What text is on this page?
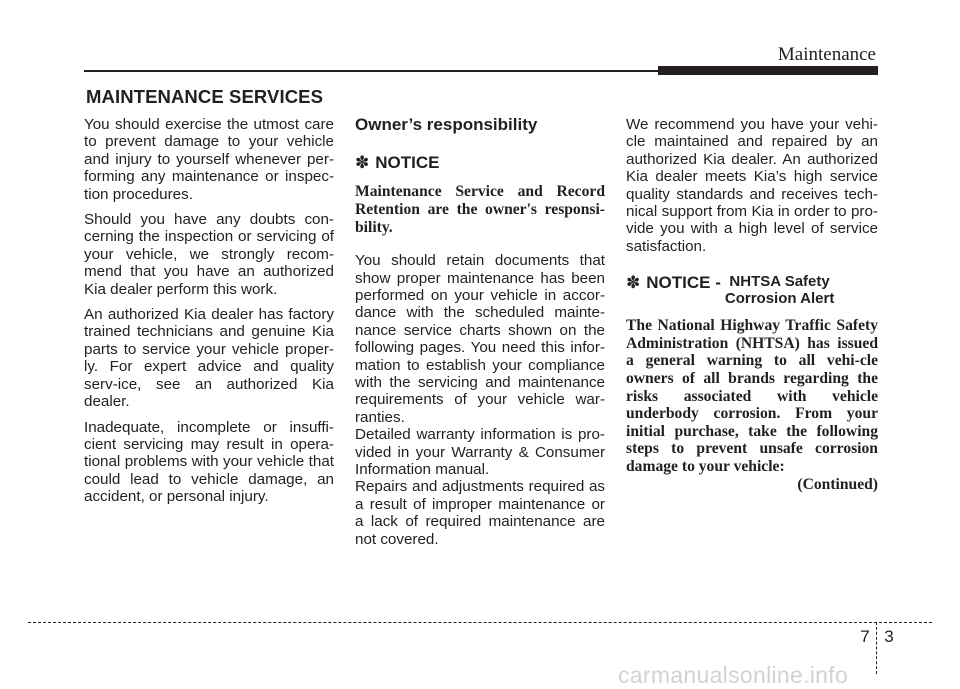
Maintenance
MAINTENANCE SERVICES

You should exercise the utmost care to prevent damage to your vehicle and injury to yourself whenever per-forming any maintenance or inspec-tion procedures.

Should you have any doubts con-cerning the inspection or servicing of your vehicle, we strongly recom-mend that you have an authorized Kia dealer perform this work.

An authorized Kia dealer has factory trained technicians and genuine Kia parts to service your vehicle proper-ly. For expert advice and quality serv-ice, see an authorized Kia dealer.

Inadequate, incomplete or insuffi-cient servicing may result in opera-tional problems with your vehicle that could lead to vehicle damage, an accident, or personal injury.

Owner’s responsibility
✽ NOTICE
Maintenance Service and Record Retention are the owner's responsi-bility.

You should retain documents that show proper maintenance has been performed on your vehicle in accor-dance with the scheduled mainte-nance service charts shown on the following pages. You need this infor-mation to establish your compliance with the servicing and maintenance requirements of your vehicle war-ranties.

Detailed warranty information is pro-vided in your Warranty & Consumer Information manual.

Repairs and adjustments required as a result of improper maintenance or a lack of required maintenance are not covered.

We recommend you have your vehi-cle maintained and repaired by an authorized Kia dealer. An authorized Kia dealer meets Kia’s high service quality standards and receives tech-nical support from Kia in order to pro-vide you with a high level of service satisfaction.

✽ NOTICE - NHTSA Safety
Corrosion Alert
The National Highway Traffic Safety Administration (NHTSA) has issued a general warning to all vehi-cle owners of all brands regarding the risks associated with vehicle underbody corrosion. From your initial purchase, take the following steps to prevent unsafe corrosion damage to your vehicle:
(Continued)
7 3
carmanualsonline.info
